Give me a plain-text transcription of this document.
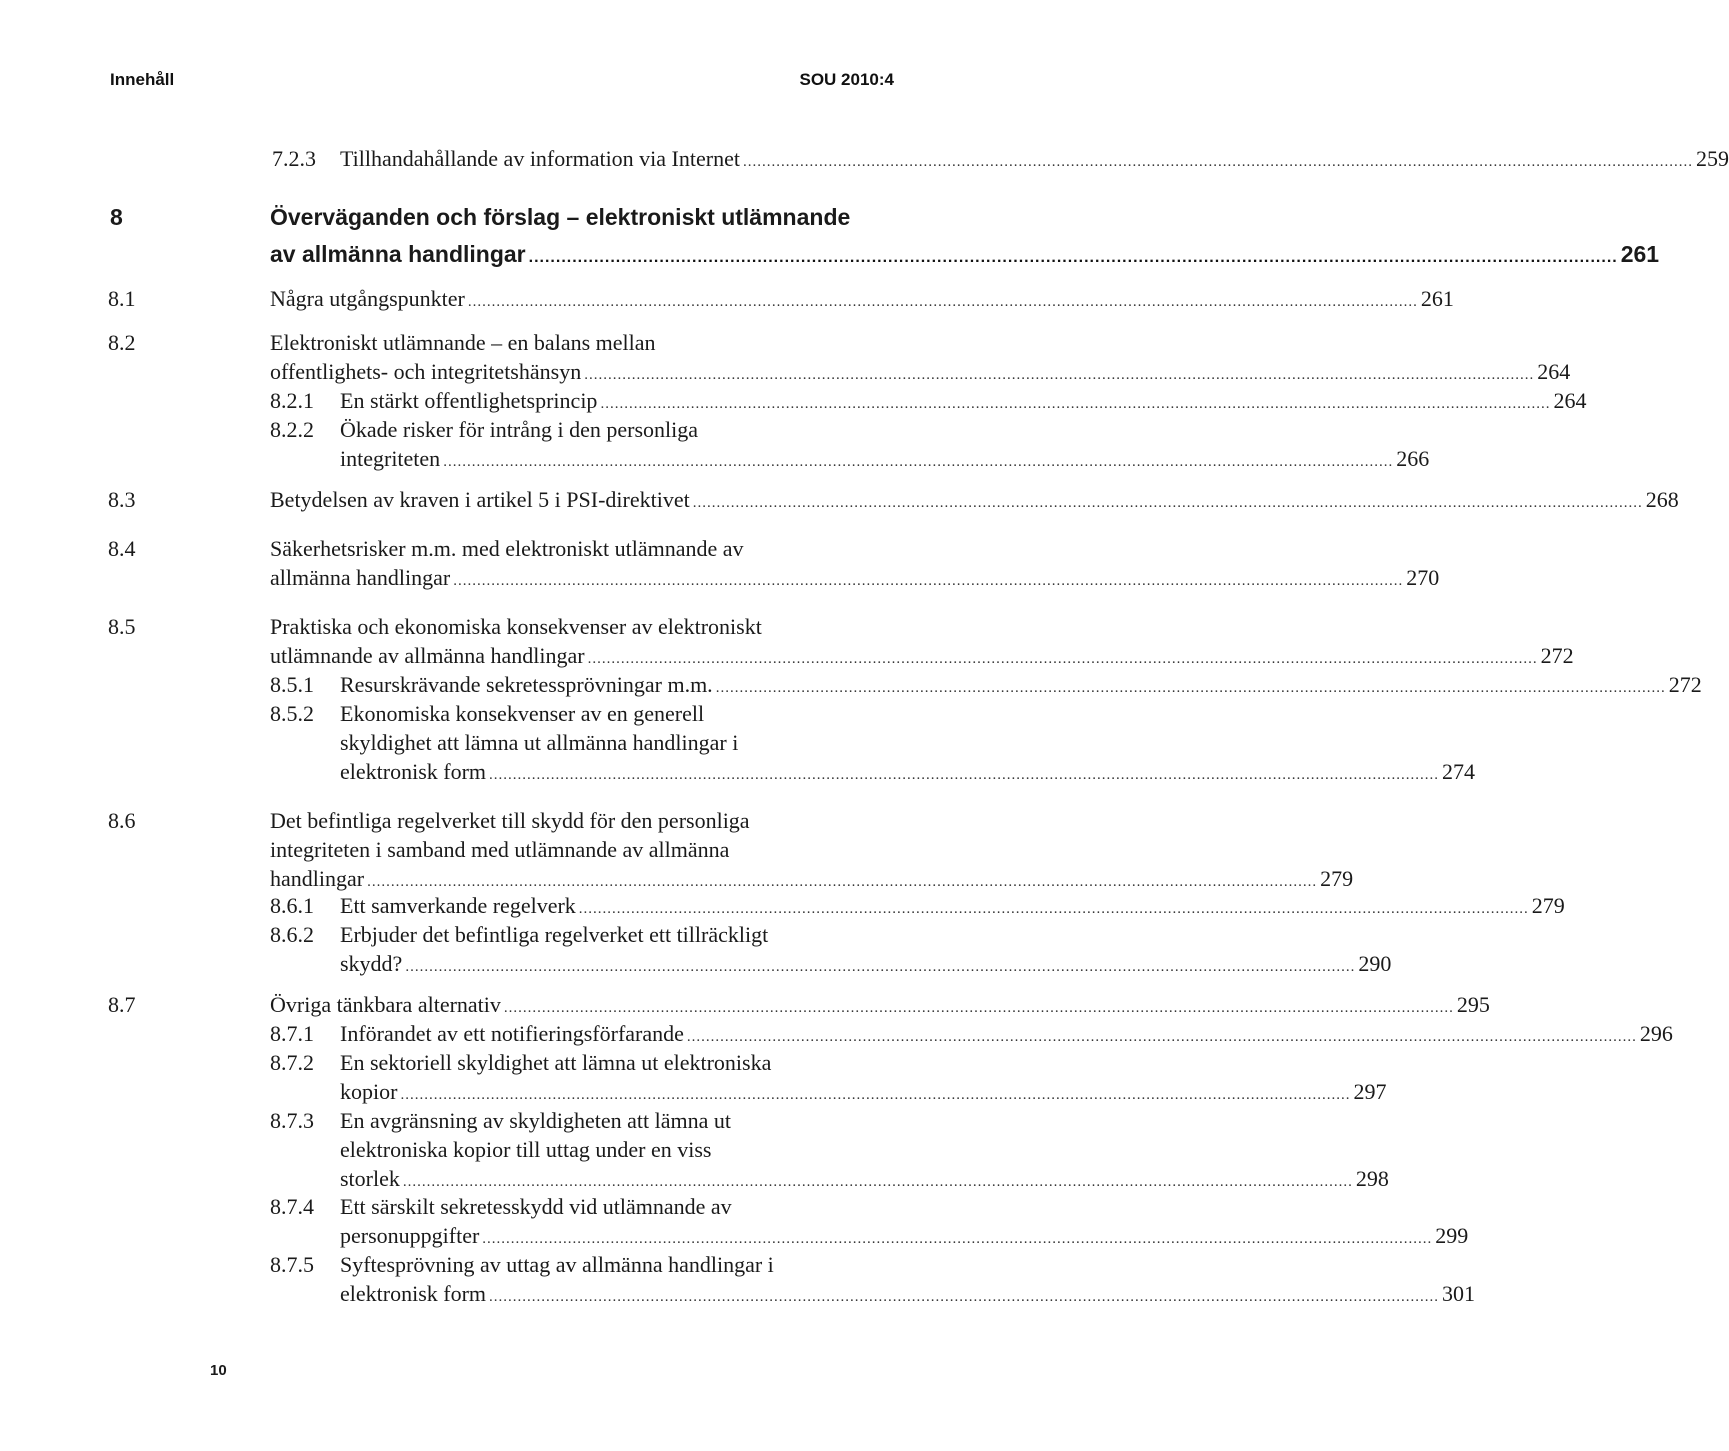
Innehåll	SOU 2010:4
7.2.3 Tillhandahållande av information via Internet ........................................................................................................................................................................................................ 259
8	Överväganden och förslag – elektroniskt utlämnande
av allmänna handlingar ........................................................................................................................................................................................................ 261
8.1	Några utgångspunkter ........................................................................................................................................................................................................ 261
8.2	Elektroniskt utlämnande – en balans mellan
offentlighets- och integritetshänsyn ........................................................................................................................................................................................................ 264
8.2.1 En stärkt offentlighetsprincip ........................................................................................................................................................................................................ 264
8.2.2 Ökade risker för intrång i den personliga
integriteten ........................................................................................................................................................................................................ 266
8.3	Betydelsen av kraven i artikel 5 i PSI-direktivet ........................................................................................................................................................................................................ 268
8.4	Säkerhetsrisker m.m. med elektroniskt utlämnande av
allmänna handlingar ........................................................................................................................................................................................................ 270
8.5	Praktiska och ekonomiska konsekvenser av elektroniskt
utlämnande av allmänna handlingar ........................................................................................................................................................................................................ 272
8.5.1 Resurskrävande sekretessprövningar m.m. ........................................................................................................................................................................................................ 272
8.5.2 Ekonomiska konsekvenser av en generell
skyldighet att lämna ut allmänna handlingar i
elektronisk form ........................................................................................................................................................................................................ 274
8.6	Det befintliga regelverket till skydd för den personliga
integriteten i samband med utlämnande av allmänna
handlingar ........................................................................................................................................................................................................ 279
8.6.1 Ett samverkande regelverk ........................................................................................................................................................................................................ 279
8.6.2 Erbjuder det befintliga regelverket ett tillräckligt
skydd? ........................................................................................................................................................................................................ 290
8.7	Övriga tänkbara alternativ ........................................................................................................................................................................................................ 295
8.7.1 Införandet av ett notifieringsförfarande ........................................................................................................................................................................................................ 296
8.7.2 En sektoriell skyldighet att lämna ut elektroniska
kopior ........................................................................................................................................................................................................ 297
8.7.3 En avgränsning av skyldigheten att lämna ut
elektroniska kopior till uttag under en viss
storlek ........................................................................................................................................................................................................ 298
8.7.4 Ett särskilt sekretesskydd vid utlämnande av
personuppgifter ........................................................................................................................................................................................................ 299
8.7.5 Syftesprövning av uttag av allmänna handlingar i
elektronisk form ........................................................................................................................................................................................................ 301
10
